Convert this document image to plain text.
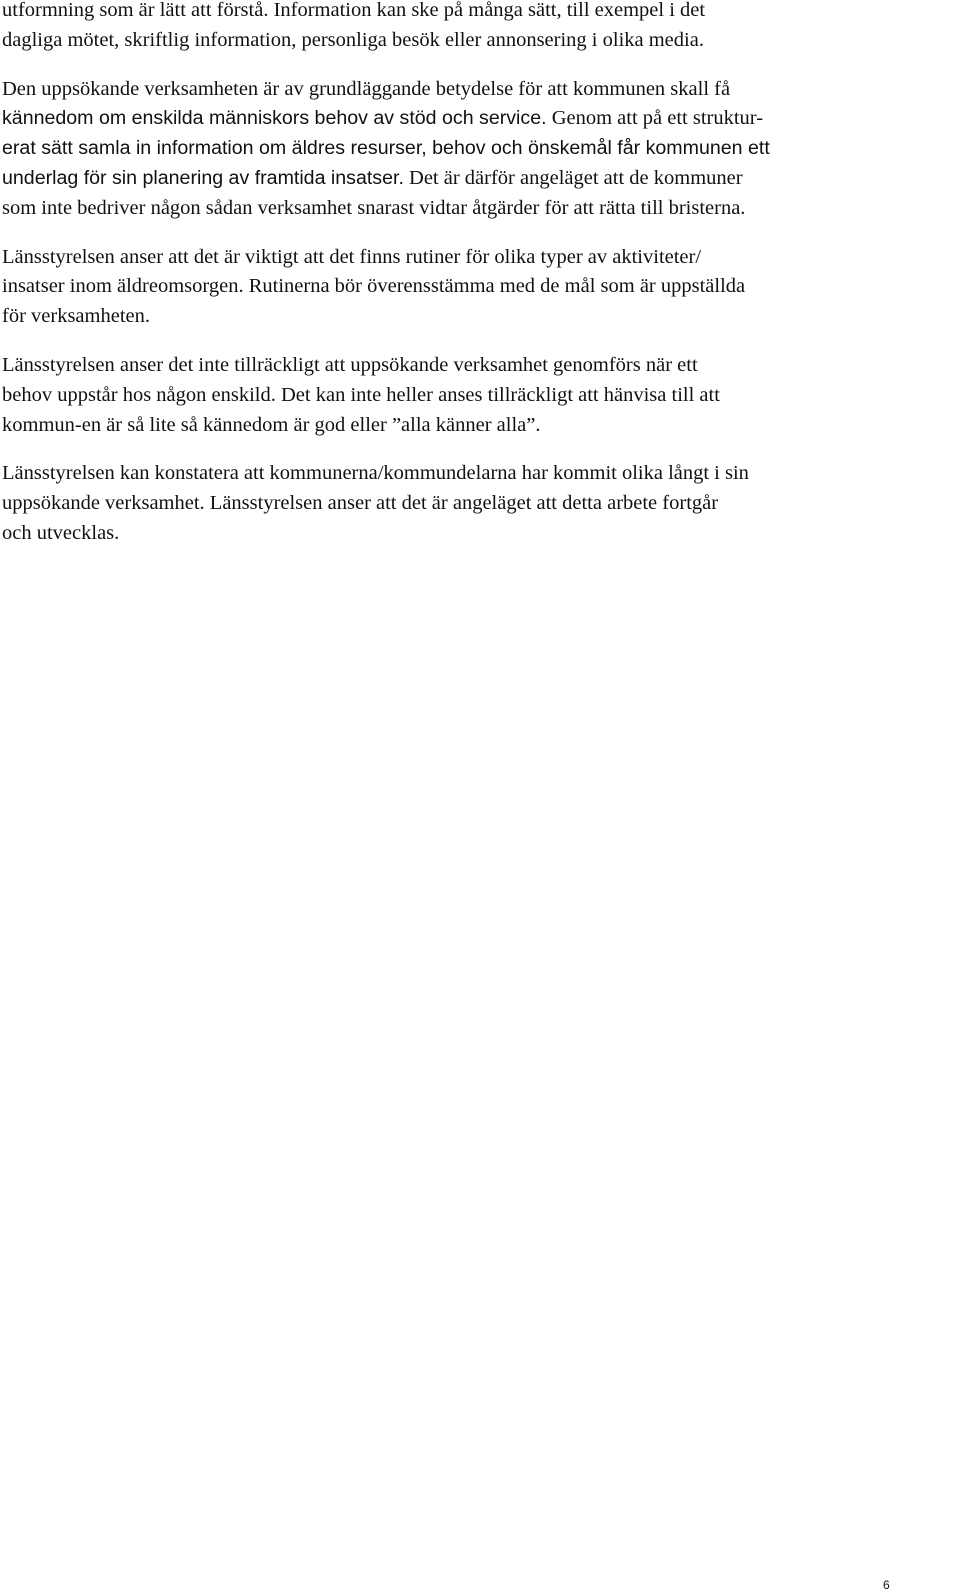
utformning som är lätt att förstå. Information kan ske på många sätt, till exempel i det
dagliga mötet, skriftlig information, personliga besök eller annonsering i olika media.

Den uppsökande verksamheten är av grundläggande betydelse för att kommunen skall få
kännedom om enskilda människors behov av stöd och service. Genom att på ett struktur-
erat sätt samla in information om äldres resurser, behov och önskemål får kommunen ett
underlag för sin planering av framtida insatser. Det är därför angeläget att de kommuner
som inte bedriver någon sådan verksamhet snarast vidtar åtgärder för att rätta till bristerna.

Länsstyrelsen anser att det är viktigt att det finns rutiner för olika typer av aktiviteter/
insatser inom äldreomsorgen. Rutinerna bör överensstämma med de mål som är uppställda
för verksamheten.

Länsstyrelsen anser det inte tillräckligt att uppsökande verksamhet genomförs när ett
behov uppstår hos någon enskild. Det kan inte heller anses tillräckligt att hänvisa till att
kommun-en är så lite så kännedom är god eller ”alla känner alla”.

Länsstyrelsen kan konstatera att kommunerna/kommundelarna har kommit olika långt i sin
uppsökande verksamhet. Länsstyrelsen anser att det är angeläget att detta arbete fortgår
och utvecklas.

6
